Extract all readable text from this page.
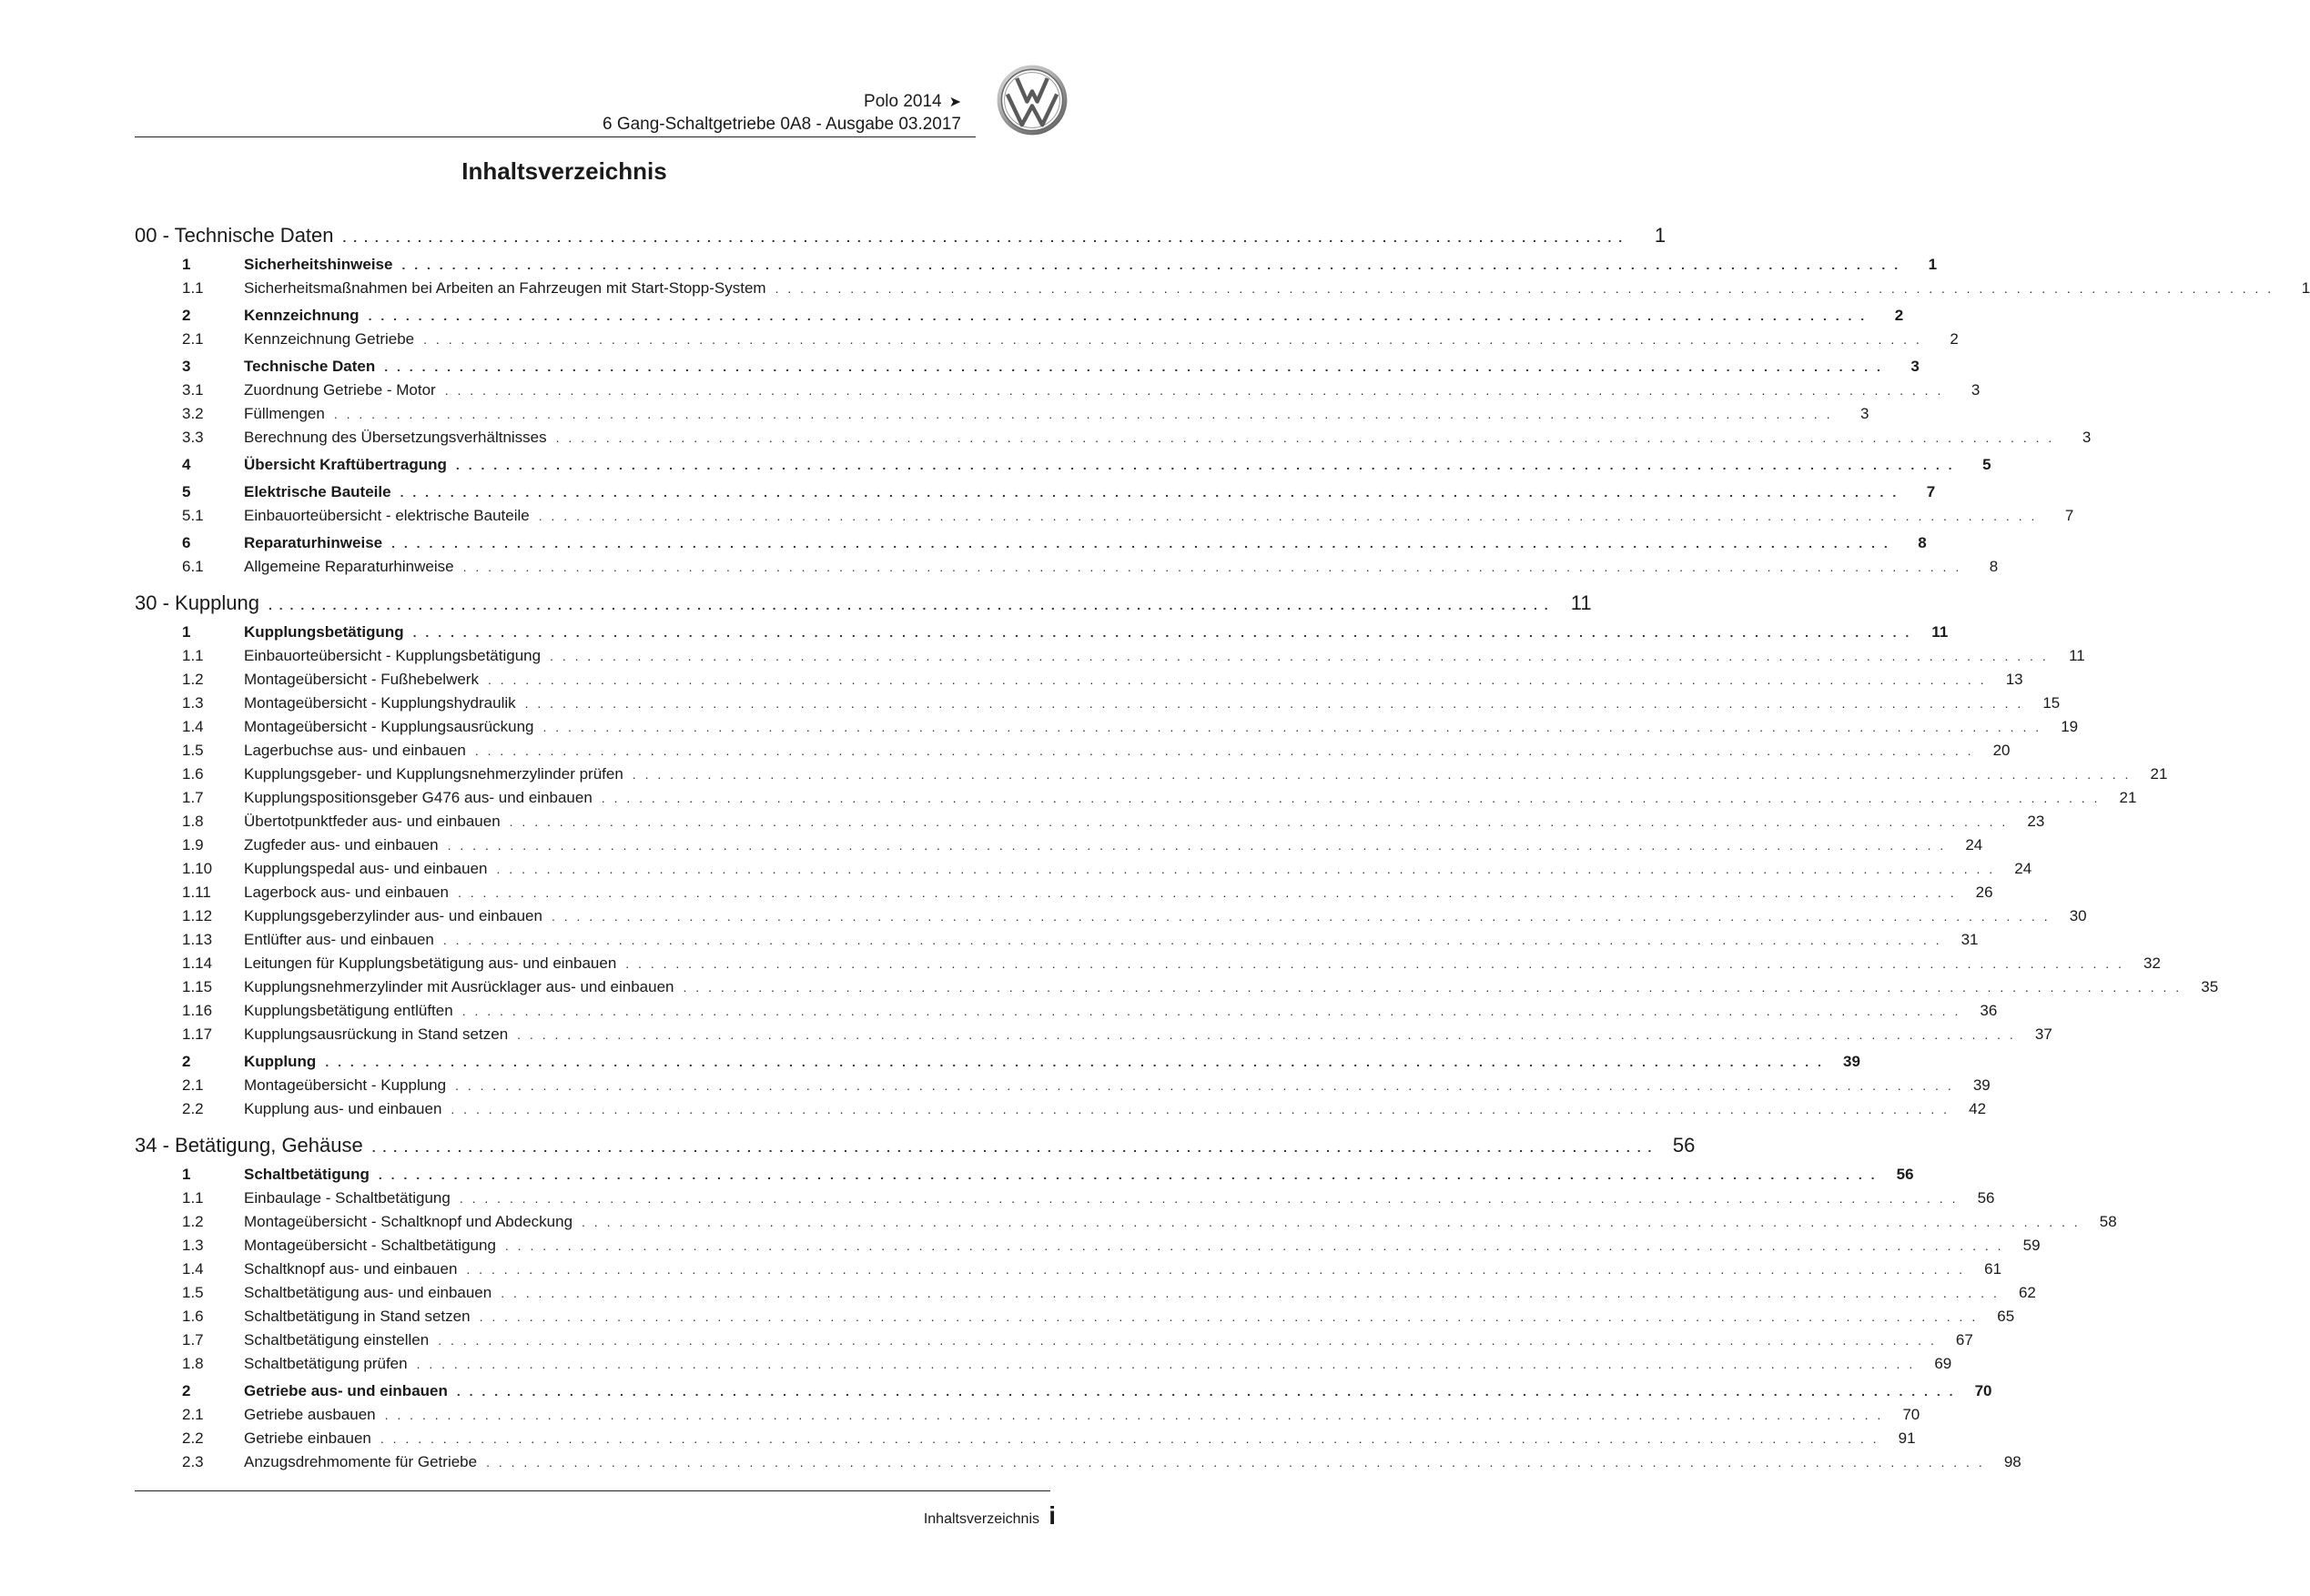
Polo 2014 ➤
6 Gang-Schaltgetriebe 0A8 - Ausgabe 03.2017
Inhaltsverzeichnis
00 - Technische Daten . . . . . . . . . . . . . . . . . . . . . . . . . . . . . . . . . . . . . . . . . . . . . . . . . . . . . . . . . . . . . . . . . . . . . . . . . . . . . . . . . . . . . . . . . . . . . . . . . . . . . . . . . . . . . . . . . . . . . . . .	1
1	Sicherheitshinweise . . . . . . . . . . . . . . . . . . . . . . . . . . . . . . . . . . . . . . . . . . . . . . . . . . . . . . . . . . . . . . . . . . . . . . . . . . . . . . . . . . . . . . . . . . . . . . . . . . . . . . . . . . . . . . . . . . . . . . . .	1
1.1	Sicherheitsmaßnahmen bei Arbeiten an Fahrzeugen mit Start-Stopp-System . . . . . . . . . . . . . . . . . . . . . . . . . . . . . . . . . . . . . . . . . . . . . . . . . . . . . . . . . . . . . . . . . . . . . . . . . . . . . . . . . . . . . . . . . . . . . . . . . . . . . . . . . . . . . . . . . . . . . . . .	1
2	Kennzeichnung . . . . . . . . . . . . . . . . . . . . . . . . . . . . . . . . . . . . . . . . . . . . . . . . . . . . . . . . . . . . . . . . . . . . . . . . . . . . . . . . . . . . . . . . . . . . . . . . . . . . . . . . . . . . . . . . . . . . . . . .	2
2.1	Kennzeichnung Getriebe . . . . . . . . . . . . . . . . . . . . . . . . . . . . . . . . . . . . . . . . . . . . . . . . . . . . . . . . . . . . . . . . . . . . . . . . . . . . . . . . . . . . . . . . . . . . . . . . . . . . . . . . . . . . . . . . . . . . . . . .	2
3	Technische Daten . . . . . . . . . . . . . . . . . . . . . . . . . . . . . . . . . . . . . . . . . . . . . . . . . . . . . . . . . . . . . . . . . . . . . . . . . . . . . . . . . . . . . . . . . . . . . . . . . . . . . . . . . . . . . . . . . . . . . . . .	3
3.1	Zuordnung Getriebe - Motor . . . . . . . . . . . . . . . . . . . . . . . . . . . . . . . . . . . . . . . . . . . . . . . . . . . . . . . . . . . . . . . . . . . . . . . . . . . . . . . . . . . . . . . . . . . . . . . . . . . . . . . . . . . . . . . . . . . . . . . .	3
3.2	Füllmengen . . . . . . . . . . . . . . . . . . . . . . . . . . . . . . . . . . . . . . . . . . . . . . . . . . . . . . . . . . . . . . . . . . . . . . . . . . . . . . . . . . . . . . . . . . . . . . . . . . . . . . . . . . . . . . . . . . . . . . . .	3
3.3	Berechnung des Übersetzungsverhältnisses . . . . . . . . . . . . . . . . . . . . . . . . . . . . . . . . . . . . . . . . . . . . . . . . . . . . . . . . . . . . . . . . . . . . . . . . . . . . . . . . . . . . . . . . . . . . . . . . . . . . . . . . . . . . . . . . . . . . . . . .	3
4	Übersicht Kraftübertragung . . . . . . . . . . . . . . . . . . . . . . . . . . . . . . . . . . . . . . . . . . . . . . . . . . . . . . . . . . . . . . . . . . . . . . . . . . . . . . . . . . . . . . . . . . . . . . . . . . . . . . . . . . . . . . . . . . . . . . . .	5
5	Elektrische Bauteile . . . . . . . . . . . . . . . . . . . . . . . . . . . . . . . . . . . . . . . . . . . . . . . . . . . . . . . . . . . . . . . . . . . . . . . . . . . . . . . . . . . . . . . . . . . . . . . . . . . . . . . . . . . . . . . . . . . . . . . .	7
5.1	Einbauorteübersicht - elektrische Bauteile . . . . . . . . . . . . . . . . . . . . . . . . . . . . . . . . . . . . . . . . . . . . . . . . . . . . . . . . . . . . . . . . . . . . . . . . . . . . . . . . . . . . . . . . . . . . . . . . . . . . . . . . . . . . . . . . . . . . . . . .	7
6	Reparaturhinweise . . . . . . . . . . . . . . . . . . . . . . . . . . . . . . . . . . . . . . . . . . . . . . . . . . . . . . . . . . . . . . . . . . . . . . . . . . . . . . . . . . . . . . . . . . . . . . . . . . . . . . . . . . . . . . . . . . . . . . . .	8
6.1	Allgemeine Reparaturhinweise . . . . . . . . . . . . . . . . . . . . . . . . . . . . . . . . . . . . . . . . . . . . . . . . . . . . . . . . . . . . . . . . . . . . . . . . . . . . . . . . . . . . . . . . . . . . . . . . . . . . . . . . . . . . . . . . . . . . . . . .	8
30 - Kupplung . . . . . . . . . . . . . . . . . . . . . . . . . . . . . . . . . . . . . . . . . . . . . . . . . . . . . . . . . . . . . . . . . . . . . . . . . . . . . . . . . . . . . . . . . . . . . . . . . . . . . . . . . . . . . . . . . . . . . . . .	11
1	Kupplungsbetätigung . . . . . . . . . . . . . . . . . . . . . . . . . . . . . . . . . . . . . . . . . . . . . . . . . . . . . . . . . . . . . . . . . . . . . . . . . . . . . . . . . . . . . . . . . . . . . . . . . . . . . . . . . . . . . . . . . . . . . . . .	11
1.1	Einbauorteübersicht - Kupplungsbetätigung . . . . . . . . . . . . . . . . . . . . . . . . . . . . . . . . . . . . . . . . . . . . . . . . . . . . . . . . . . . . . . . . . . . . . . . . . . . . . . . . . . . . . . . . . . . . . . . . . . . . . . . . . . . . . . . . . . . . . . . .	11
1.2	Montageübersicht - Fußhebelwerk . . . . . . . . . . . . . . . . . . . . . . . . . . . . . . . . . . . . . . . . . . . . . . . . . . . . . . . . . . . . . . . . . . . . . . . . . . . . . . . . . . . . . . . . . . . . . . . . . . . . . . . . . . . . . . . . . . . . . . . .	13
1.3	Montageübersicht - Kupplungshydraulik . . . . . . . . . . . . . . . . . . . . . . . . . . . . . . . . . . . . . . . . . . . . . . . . . . . . . . . . . . . . . . . . . . . . . . . . . . . . . . . . . . . . . . . . . . . . . . . . . . . . . . . . . . . . . . . . . . . . . . . .	15
1.4	Montageübersicht - Kupplungsausrückung . . . . . . . . . . . . . . . . . . . . . . . . . . . . . . . . . . . . . . . . . . . . . . . . . . . . . . . . . . . . . . . . . . . . . . . . . . . . . . . . . . . . . . . . . . . . . . . . . . . . . . . . . . . . . . . . . . . . . . . .	19
1.5	Lagerbuchse aus- und einbauen . . . . . . . . . . . . . . . . . . . . . . . . . . . . . . . . . . . . . . . . . . . . . . . . . . . . . . . . . . . . . . . . . . . . . . . . . . . . . . . . . . . . . . . . . . . . . . . . . . . . . . . . . . . . . . . . . . . . . . . .	20
1.6	Kupplungsgeber- und Kupplungsnehmerzylinder prüfen . . . . . . . . . . . . . . . . . . . . . . . . . . . . . . . . . . . . . . . . . . . . . . . . . . . . . . . . . . . . . . . . . . . . . . . . . . . . . . . . . . . . . . . . . . . . . . . . . . . . . . . . . . . . . . . . . . . . . . . .	21
1.7	Kupplungspositionsgeber G476 aus- und einbauen . . . . . . . . . . . . . . . . . . . . . . . . . . . . . . . . . . . . . . . . . . . . . . . . . . . . . . . . . . . . . . . . . . . . . . . . . . . . . . . . . . . . . . . . . . . . . . . . . . . . . . . . . . . . . . . . . . . . . . . .	21
1.8	Übertotpunktfeder aus- und einbauen . . . . . . . . . . . . . . . . . . . . . . . . . . . . . . . . . . . . . . . . . . . . . . . . . . . . . . . . . . . . . . . . . . . . . . . . . . . . . . . . . . . . . . . . . . . . . . . . . . . . . . . . . . . . . . . . . . . . . . . .	23
1.9	Zugfeder aus- und einbauen . . . . . . . . . . . . . . . . . . . . . . . . . . . . . . . . . . . . . . . . . . . . . . . . . . . . . . . . . . . . . . . . . . . . . . . . . . . . . . . . . . . . . . . . . . . . . . . . . . . . . . . . . . . . . . . . . . . . . . . .	24
1.10	Kupplungspedal aus- und einbauen . . . . . . . . . . . . . . . . . . . . . . . . . . . . . . . . . . . . . . . . . . . . . . . . . . . . . . . . . . . . . . . . . . . . . . . . . . . . . . . . . . . . . . . . . . . . . . . . . . . . . . . . . . . . . . . . . . . . . . . .	24
1.11	Lagerbock aus- und einbauen . . . . . . . . . . . . . . . . . . . . . . . . . . . . . . . . . . . . . . . . . . . . . . . . . . . . . . . . . . . . . . . . . . . . . . . . . . . . . . . . . . . . . . . . . . . . . . . . . . . . . . . . . . . . . . . . . . . . . . . .	26
1.12	Kupplungsgeberzylinder aus- und einbauen . . . . . . . . . . . . . . . . . . . . . . . . . . . . . . . . . . . . . . . . . . . . . . . . . . . . . . . . . . . . . . . . . . . . . . . . . . . . . . . . . . . . . . . . . . . . . . . . . . . . . . . . . . . . . . . . . . . . . . . .	30
1.13	Entlüfter aus- und einbauen . . . . . . . . . . . . . . . . . . . . . . . . . . . . . . . . . . . . . . . . . . . . . . . . . . . . . . . . . . . . . . . . . . . . . . . . . . . . . . . . . . . . . . . . . . . . . . . . . . . . . . . . . . . . . . . . . . . . . . . .	31
1.14	Leitungen für Kupplungsbetätigung aus- und einbauen . . . . . . . . . . . . . . . . . . . . . . . . . . . . . . . . . . . . . . . . . . . . . . . . . . . . . . . . . . . . . . . . . . . . . . . . . . . . . . . . . . . . . . . . . . . . . . . . . . . . . . . . . . . . . . . . . . . . . . . .	32
1.15	Kupplungsnehmerzylinder mit Ausrücklager aus- und einbauen . . . . . . . . . . . . . . . . . . . . . . . . . . . . . . . . . . . . . . . . . . . . . . . . . . . . . . . . . . . . . . . . . . . . . . . . . . . . . . . . . . . . . . . . . . . . . . . . . . . . . . . . . . . . . . . . . . . . . . . .	35
1.16	Kupplungsbetätigung entlüften . . . . . . . . . . . . . . . . . . . . . . . . . . . . . . . . . . . . . . . . . . . . . . . . . . . . . . . . . . . . . . . . . . . . . . . . . . . . . . . . . . . . . . . . . . . . . . . . . . . . . . . . . . . . . . . . . . . . . . . .	36
1.17	Kupplungsausrückung in Stand setzen . . . . . . . . . . . . . . . . . . . . . . . . . . . . . . . . . . . . . . . . . . . . . . . . . . . . . . . . . . . . . . . . . . . . . . . . . . . . . . . . . . . . . . . . . . . . . . . . . . . . . . . . . . . . . . . . . . . . . . . .	37
2	Kupplung . . . . . . . . . . . . . . . . . . . . . . . . . . . . . . . . . . . . . . . . . . . . . . . . . . . . . . . . . . . . . . . . . . . . . . . . . . . . . . . . . . . . . . . . . . . . . . . . . . . . . . . . . . . . . . . . . . . . . . . .	39
2.1	Montageübersicht - Kupplung . . . . . . . . . . . . . . . . . . . . . . . . . . . . . . . . . . . . . . . . . . . . . . . . . . . . . . . . . . . . . . . . . . . . . . . . . . . . . . . . . . . . . . . . . . . . . . . . . . . . . . . . . . . . . . . . . . . . . . . .	39
2.2	Kupplung aus- und einbauen . . . . . . . . . . . . . . . . . . . . . . . . . . . . . . . . . . . . . . . . . . . . . . . . . . . . . . . . . . . . . . . . . . . . . . . . . . . . . . . . . . . . . . . . . . . . . . . . . . . . . . . . . . . . . . . . . . . . . . . .	42
34 - Betätigung, Gehäuse . . . . . . . . . . . . . . . . . . . . . . . . . . . . . . . . . . . . . . . . . . . . . . . . . . . . . . . . . . . . . . . . . . . . . . . . . . . . . . . . . . . . . . . . . . . . . . . . . . . . . . . . . . . . . . . . . . . . . . . . 56
1	Schaltbetätigung . . . . . . . . . . . . . . . . . . . . . . . . . . . . . . . . . . . . . . . . . . . . . . . . . . . . . . . . . . . . . . . . . . . . . . . . . . . . . . . . . . . . . . . . . . . . . . . . . . . . . . . . . . . . . . . . . . . . . . . .	56
1.1	Einbaulage - Schaltbetätigung . . . . . . . . . . . . . . . . . . . . . . . . . . . . . . . . . . . . . . . . . . . . . . . . . . . . . . . . . . . . . . . . . . . . . . . . . . . . . . . . . . . . . . . . . . . . . . . . . . . . . . . . . . . . . . . . . . . . . . . .	56
1.2	Montageübersicht - Schaltknopf und Abdeckung . . . . . . . . . . . . . . . . . . . . . . . . . . . . . . . . . . . . . . . . . . . . . . . . . . . . . . . . . . . . . . . . . . . . . . . . . . . . . . . . . . . . . . . . . . . . . . . . . . . . . . . . . . . . . . . . . . . . . . . .	58
1.3	Montageübersicht - Schaltbetätigung . . . . . . . . . . . . . . . . . . . . . . . . . . . . . . . . . . . . . . . . . . . . . . . . . . . . . . . . . . . . . . . . . . . . . . . . . . . . . . . . . . . . . . . . . . . . . . . . . . . . . . . . . . . . . . . . . . . . . . . .	59
1.4	Schaltknopf aus- und einbauen . . . . . . . . . . . . . . . . . . . . . . . . . . . . . . . . . . . . . . . . . . . . . . . . . . . . . . . . . . . . . . . . . . . . . . . . . . . . . . . . . . . . . . . . . . . . . . . . . . . . . . . . . . . . . . . . . . . . . . . .	61
1.5	Schaltbetätigung aus- und einbauen . . . . . . . . . . . . . . . . . . . . . . . . . . . . . . . . . . . . . . . . . . . . . . . . . . . . . . . . . . . . . . . . . . . . . . . . . . . . . . . . . . . . . . . . . . . . . . . . . . . . . . . . . . . . . . . . . . . . . . . .	62
1.6	Schaltbetätigung in Stand setzen . . . . . . . . . . . . . . . . . . . . . . . . . . . . . . . . . . . . . . . . . . . . . . . . . . . . . . . . . . . . . . . . . . . . . . . . . . . . . . . . . . . . . . . . . . . . . . . . . . . . . . . . . . . . . . . . . . . . . . . .	65
1.7	Schaltbetätigung einstellen . . . . . . . . . . . . . . . . . . . . . . . . . . . . . . . . . . . . . . . . . . . . . . . . . . . . . . . . . . . . . . . . . . . . . . . . . . . . . . . . . . . . . . . . . . . . . . . . . . . . . . . . . . . . . . . . . . . . . . . .	67
1.8	Schaltbetätigung prüfen . . . . . . . . . . . . . . . . . . . . . . . . . . . . . . . . . . . . . . . . . . . . . . . . . . . . . . . . . . . . . . . . . . . . . . . . . . . . . . . . . . . . . . . . . . . . . . . . . . . . . . . . . . . . . . . . . . . . . . . .	69
2	Getriebe aus- und einbauen . . . . . . . . . . . . . . . . . . . . . . . . . . . . . . . . . . . . . . . . . . . . . . . . . . . . . . . . . . . . . . . . . . . . . . . . . . . . . . . . . . . . . . . . . . . . . . . . . . . . . . . . . . . . . . . . . . . . . . . .	70
2.1	Getriebe ausbauen . . . . . . . . . . . . . . . . . . . . . . . . . . . . . . . . . . . . . . . . . . . . . . . . . . . . . . . . . . . . . . . . . . . . . . . . . . . . . . . . . . . . . . . . . . . . . . . . . . . . . . . . . . . . . . . . . . . . . . . .	70
2.2	Getriebe einbauen . . . . . . . . . . . . . . . . . . . . . . . . . . . . . . . . . . . . . . . . . . . . . . . . . . . . . . . . . . . . . . . . . . . . . . . . . . . . . . . . . . . . . . . . . . . . . . . . . . . . . . . . . . . . . . . . . . . . . . . .	91
2.3	Anzugsdrehmomente für Getriebe . . . . . . . . . . . . . . . . . . . . . . . . . . . . . . . . . . . . . . . . . . . . . . . . . . . . . . . . . . . . . . . . . . . . . . . . . . . . . . . . . . . . . . . . . . . . . . . . . . . . . . . . . . . . . . . . . . . . . . . .	98
Inhaltsverzeichnis i
